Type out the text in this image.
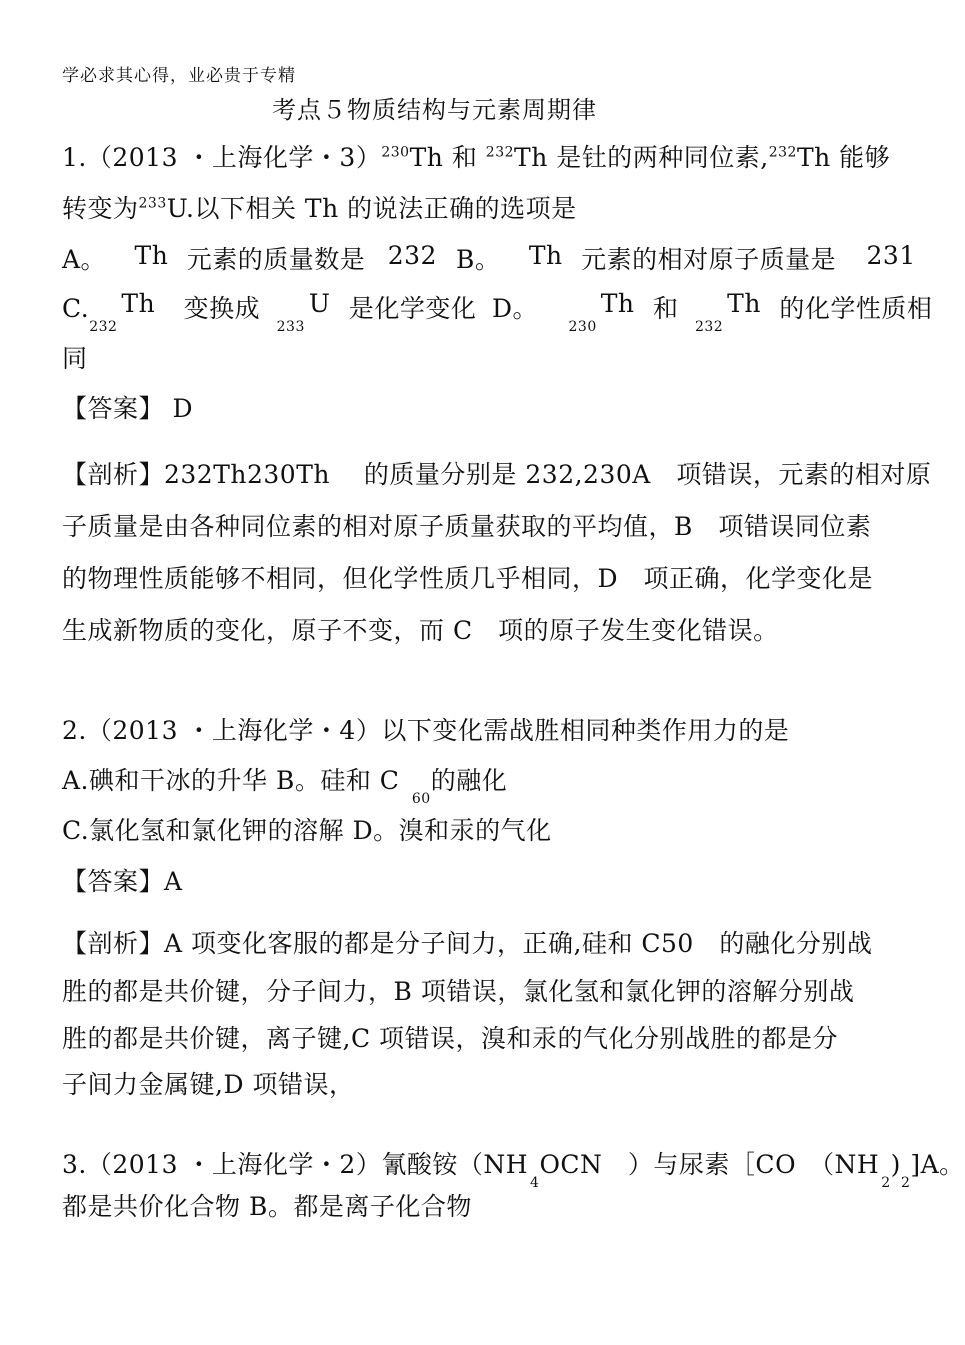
学必求其心得，业必贵于专精
考点５物质结构与元素周期律
1.（2013 ・上海化学・3）$^{230}$Th 和 $^{232}$Th 是钍的两种同位素,$^{232}$Th 能够
转变为$^{233}$U.以下相关 Th 的说法正确的选项是
A。 Th 元素的质量数是 232 B。 Th 元素的相对原子质量是 231
$C._{232}Th$ 变换成 $_{233}$U 是化学变化 D。 $_{230}$Th 和 $_{232}$Th 的化学性质相
同
【答案】 D
【剖析】232Th230Th　 的质量分别是 232,230A　项错误，元素的相对原
子质量是由各种同位素的相对原子质量获取的平均值，B　项错误同位素
的物理性质能够不相同，但化学性质几乎相同，D　项正确，化学变化是
生成新物质的变化，原子不变，而 C　项的原子发生变化错误。
2.（2013 ・上海化学・4）以下变化需战胜相同种类作用力的是
A.碘和干冰的升华 B。硅和 C $_{60}$的融化
C.氯化氢和氯化钾的溶解 D。溴和汞的气化
【答案】A
【剖析】A 项变化客服的都是分子间力，正确,硅和 C50　的融化分别战
胜的都是共价键，分子间力，B 项错误，氯化氢和氯化钾的溶解分别战
胜的都是共价键，离子键,C 项错误，溴和汞的气化分别战胜的都是分
子间力金属键,D 项错误，
3.（2013 ・上海化学・2）氰酸铵（$NH_4OCN$　）与尿素［CO　$(NH_2)_2]A$。
都是共价化合物 B。都是离子化合物
